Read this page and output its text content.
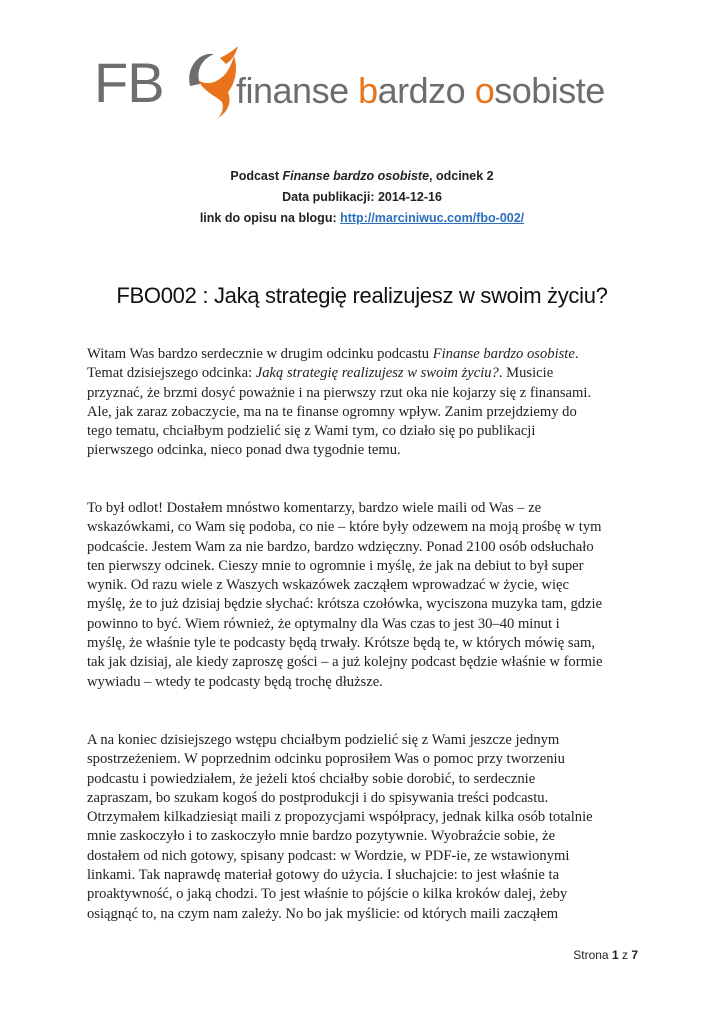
FB finanse bardzo osobiste
Podcast Finanse bardzo osobiste, odcinek 2
Data publikacji: 2014-12-16
link do opisu na blogu: http://marciniwuc.com/fbo-002/
FBO002 : Jaką strategię realizujesz w swoim życiu?
Witam Was bardzo serdecznie w drugim odcinku podcastu Finanse bardzo osobiste.
Temat dzisiejszego odcinka: Jaką strategię realizujesz w swoim życiu?. Musicie
przyznać, że brzmi dosyć poważnie i na pierwszy rzut oka nie kojarzy się z finansami.
Ale, jak zaraz zobaczycie, ma na te finanse ogromny wpływ. Zanim przejdziemy do
tego tematu, chciałbym podzielić się z Wami tym, co działo się po publikacji
pierwszego odcinka, nieco ponad dwa tygodnie temu.
To był odlot! Dostałem mnóstwo komentarzy, bardzo wiele maili od Was – ze
wskazówkami, co Wam się podoba, co nie – które były odzewem na moją prośbę w tym
podcaście. Jestem Wam za nie bardzo, bardzo wdzięczny. Ponad 2100 osób odsłuchało
ten pierwszy odcinek. Cieszy mnie to ogromnie i myślę, że jak na debiut to był super
wynik. Od razu wiele z Waszych wskazówek zacząłem wprowadzać w życie, więc
myślę, że to już dzisiaj będzie słychać: krótsza czołówka, wyciszona muzyka tam, gdzie
powinno to być. Wiem również, że optymalny dla Was czas to jest 30–40 minut i
myślę, że właśnie tyle te podcasty będą trwały. Krótsze będą te, w których mówię sam,
tak jak dzisiaj, ale kiedy zaproszę gości – a już kolejny podcast będzie właśnie w formie
wywiadu – wtedy te podcasty będą trochę dłuższe.
A na koniec dzisiejszego wstępu chciałbym podzielić się z Wami jeszcze jednym
spostrzeżeniem. W poprzednim odcinku poprosiłem Was o pomoc przy tworzeniu
podcastu i powiedziałem, że jeżeli ktoś chciałby sobie dorobić, to serdecznie
zapraszam, bo szukam kogoś do postprodukcji i do spisywania treści podcastu.
Otrzymałem kilkadziesiąt maili z propozycjami współpracy, jednak kilka osób totalnie
mnie zaskoczyło i to zaskoczyło mnie bardzo pozytywnie. Wyobraźcie sobie, że
dostałem od nich gotowy, spisany podcast: w Wordzie, w PDF-ie, ze wstawionymi
linkami. Tak naprawdę materiał gotowy do użycia. I słuchajcie: to jest właśnie ta
proaktywność, o jaką chodzi. To jest właśnie to pójście o kilka kroków dalej, żeby
osiągnąć to, na czym nam zależy. No bo jak myślicie: od których maili zacząłem
Strona 1 z 7
